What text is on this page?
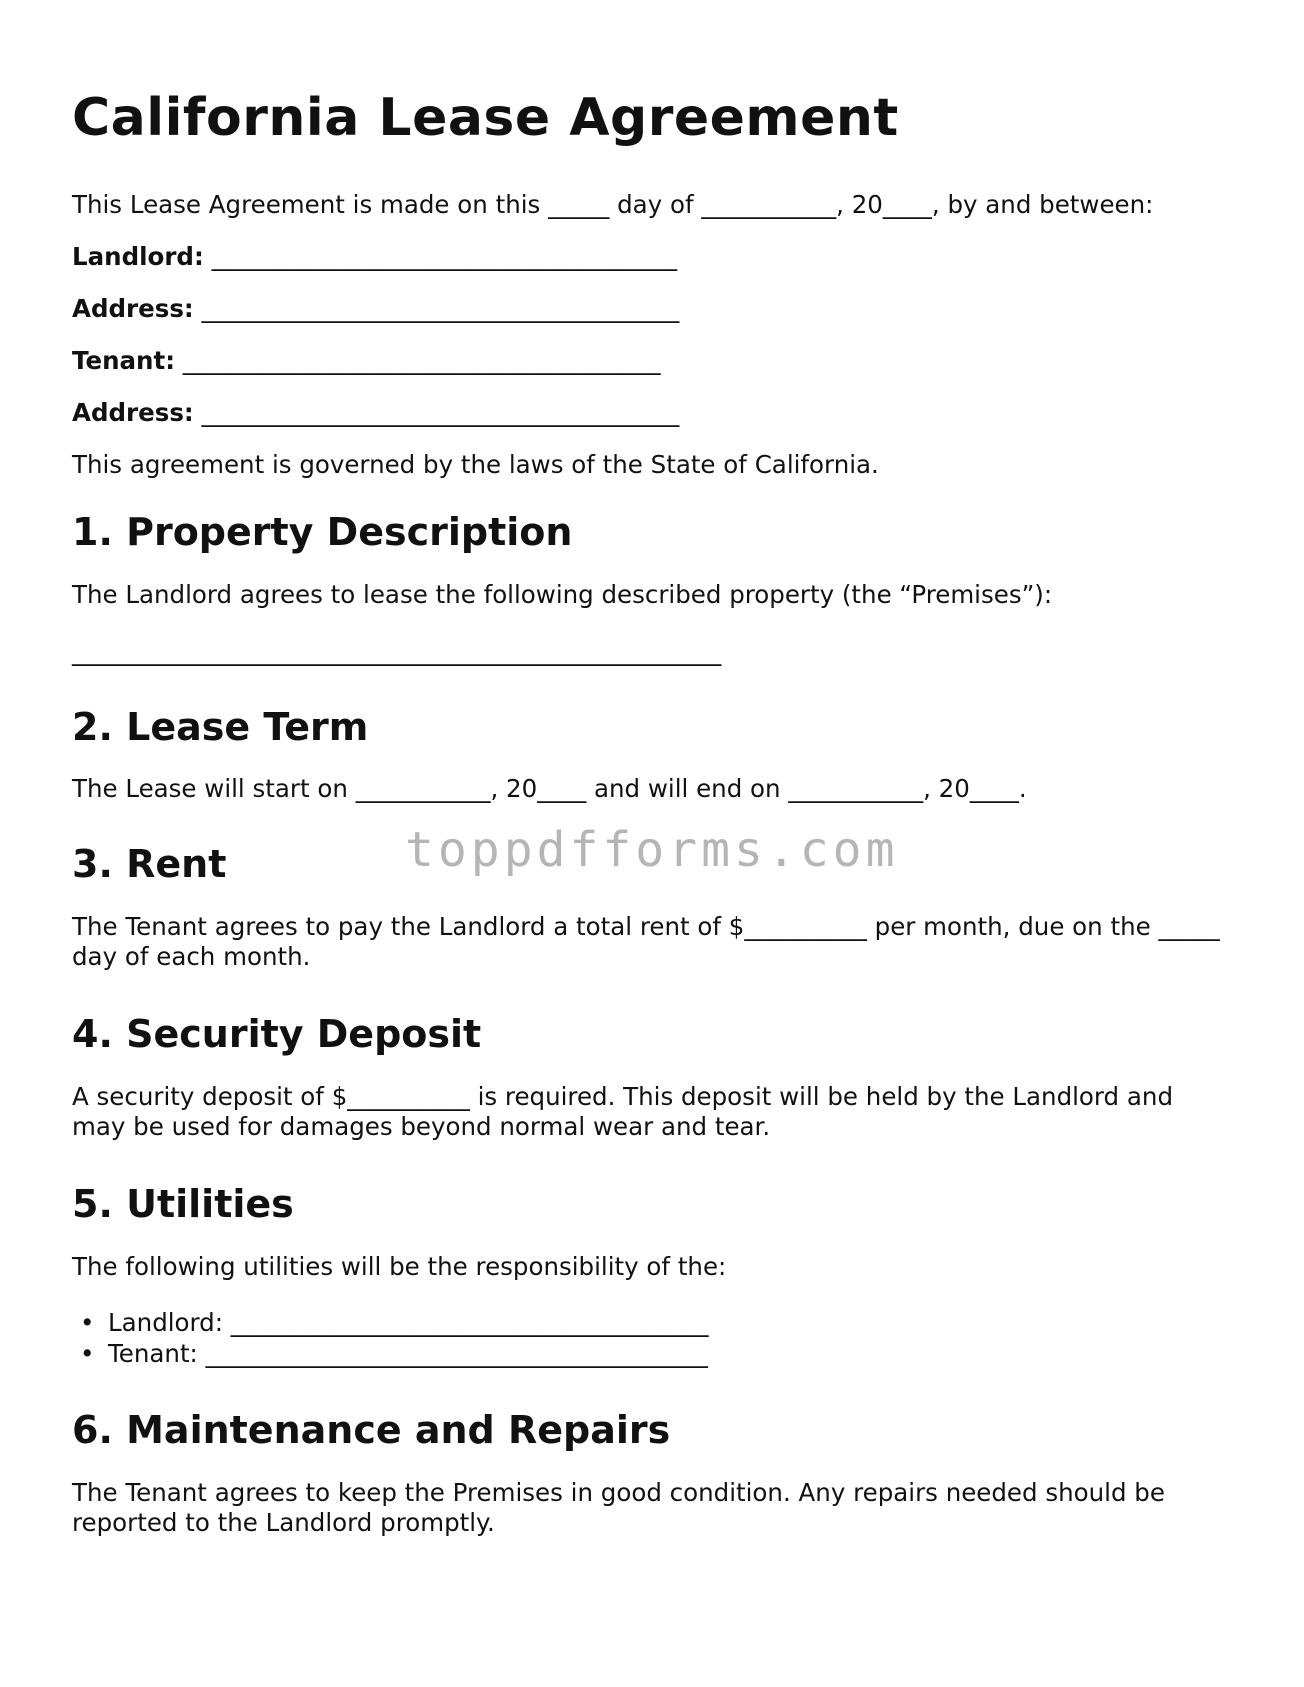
California Lease Agreement

This Lease Agreement is made on this _____ day of ___________, 20____, by and between:

Landlord: ______________________________________

Address: _______________________________________

Tenant: _______________________________________

Address: _______________________________________

This agreement is governed by the laws of the State of California.

1. Property Description

The Landlord agrees to lease the following described property (the “Premises”):

_____________________________________________________

2. Lease Term

The Lease will start on ___________, 20____ and will end on ___________, 20____.

3. Rent

The Tenant agrees to pay the Landlord a total rent of $__________ per month, due on the _____ day of each month.

4. Security Deposit

A security deposit of $__________ is required. This deposit will be held by the Landlord and may be used for damages beyond normal wear and tear.

5. Utilities

The following utilities will be the responsibility of the:

• Landlord: _______________________________________
• Tenant: _________________________________________
6. Maintenance and Repairs

The Tenant agrees to keep the Premises in good condition. Any repairs needed should be reported to the Landlord promptly.

toppdfforms.com
